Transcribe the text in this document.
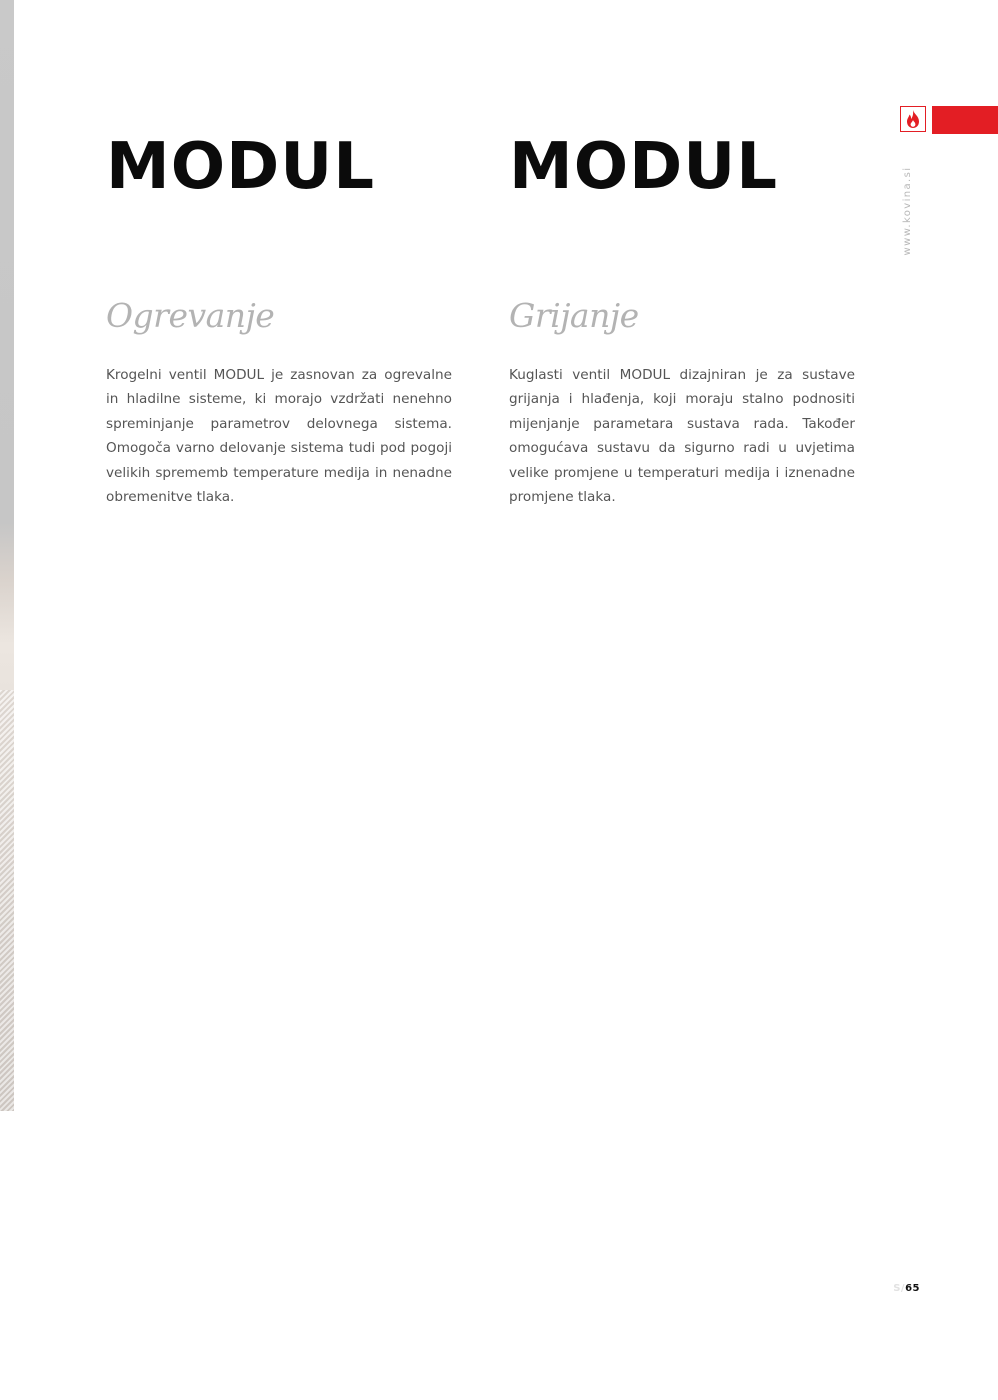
MODUL MODUL
Ogrevanje	Grijanje

Krogelni ventil MODUL je zasnovan za ogrevalne in hladilne sisteme, ki morajo vzdržati nenehno spreminjanje parametrov delovnega sistema. Omogoča varno delovanje sistema tudi pod pogoji velikih sprememb temperature medija in nenadne obremenitve tlaka.

Kuglasti ventil MODUL dizajniran je za sustave grijanja i hlađenja, koji moraju stalno podnositi mijenjanje parametara sustava rada. Također omogućava sustavu da sigurno radi u uvjetima velike promjene u temperaturi medija i iznenadne promjene tlaka.

www.kovina.si
S/65
